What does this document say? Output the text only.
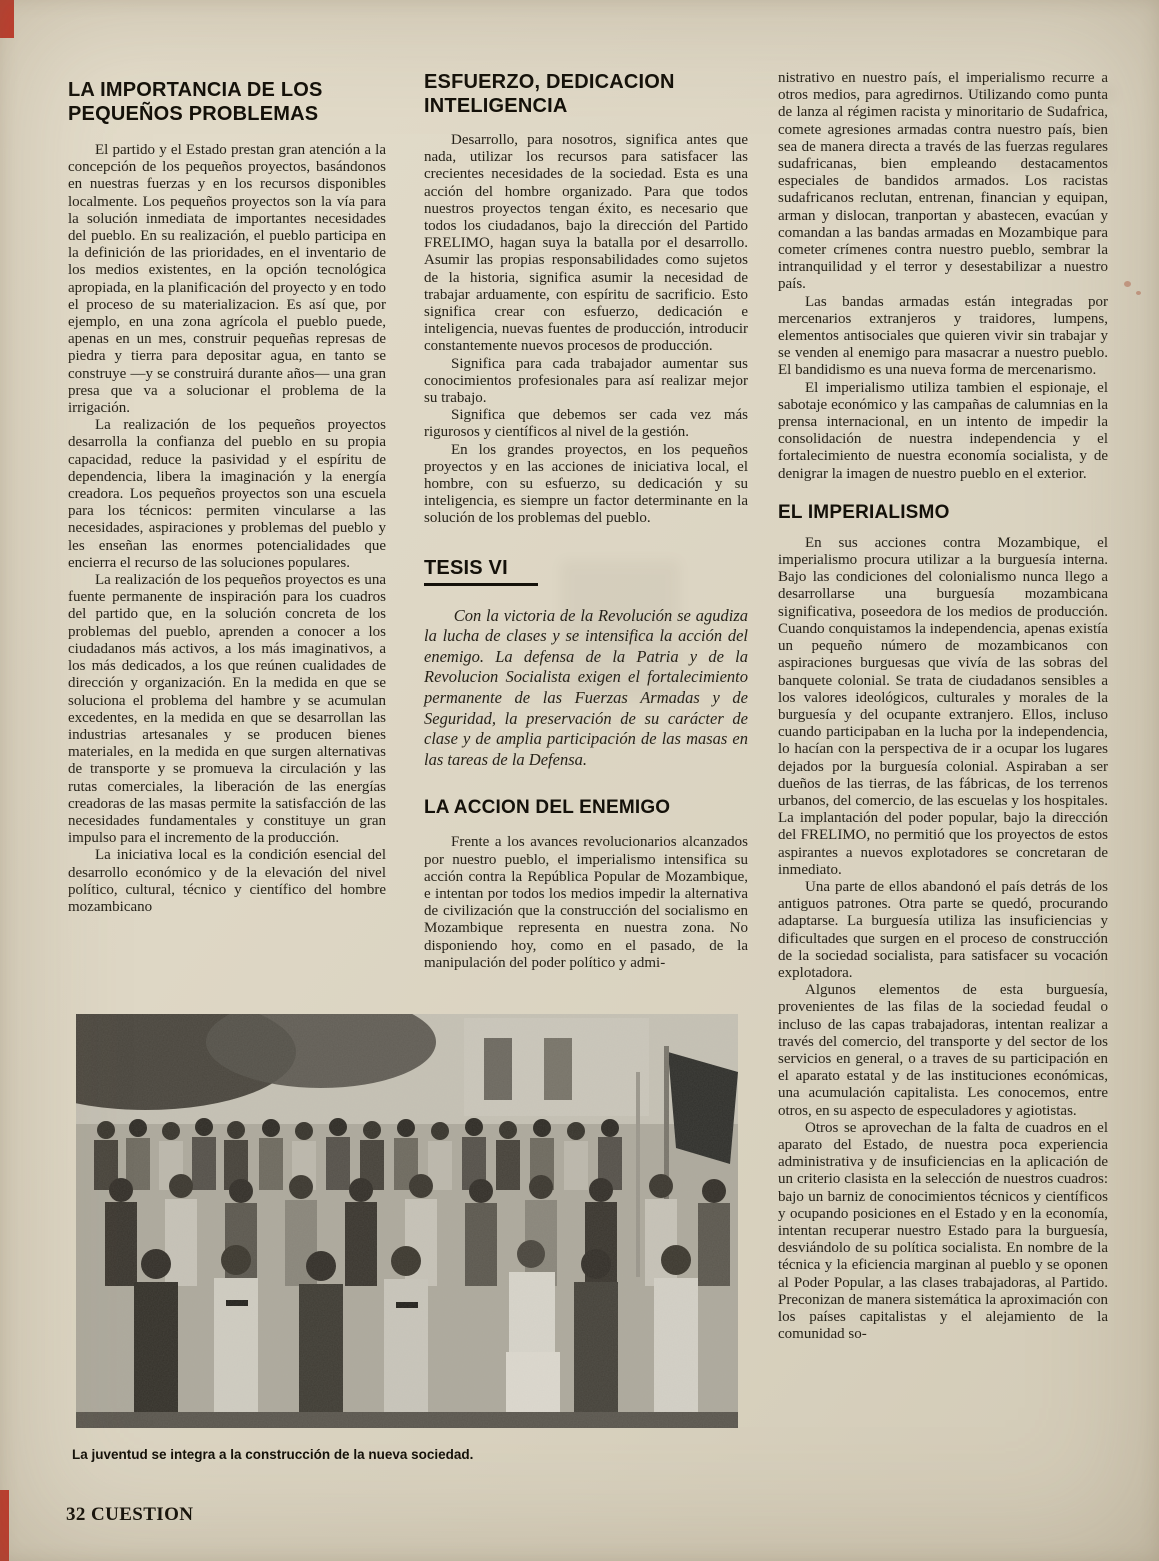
LA IMPORTANCIA DE LOS PEQUEÑOS PROBLEMAS

El partido y el Estado prestan gran atención a la concepción de los pequeños proyectos, basándonos en nuestras fuerzas y en los recursos disponibles localmente. Los pequeños proyectos son la vía para la solución inmediata de importantes necesidades del pueblo. En su realización, el pueblo participa en la definición de las prioridades, en el inventario de los medios existentes, en la opción tecnológica apropiada, en la planificación del proyecto y en todo el proceso de su materializacion. Es así que, por ejemplo, en una zona agrícola el pueblo puede, apenas en un mes, construir pequeñas represas de piedra y tierra para depositar agua, en tanto se construye —y se construirá durante años— una gran presa que va a solucionar el problema de la irrigación.

La realización de los pequeños proyectos desarrolla la confianza del pueblo en su propia capacidad, reduce la pasividad y el espíritu de dependencia, libera la imaginación y la energía creadora. Los pequeños proyectos son una escuela para los técnicos: permiten vincularse a las necesidades, aspiraciones y problemas del pueblo y les enseñan las enormes potencialidades que encierra el recurso de las soluciones populares.

La realización de los pequeños proyectos es una fuente permanente de inspiración para los cuadros del partido que, en la solución concreta de los problemas del pueblo, aprenden a conocer a los ciudadanos más activos, a los más imaginativos, a los más dedicados, a los que reúnen cualidades de dirección y organización. En la medida en que se soluciona el problema del hambre y se acumulan excedentes, en la medida en que se desarrollan las industrias artesanales y se producen bienes materiales, en la medida en que surgen alternativas de transporte y se promueva la circulación y las rutas comerciales, la liberación de las energías creadoras de las masas permite la satisfacción de las necesidades fundamentales y constituye un gran impulso para el incremento de la producción.

La iniciativa local es la condición esencial del desarrollo económico y de la elevación del nivel político, cultural, técnico y científico del hombre mozambicano

ESFUERZO, DEDICACION INTELIGENCIA

Desarrollo, para nosotros, significa antes que nada, utilizar los recursos para satisfacer las crecientes necesidades de la sociedad. Esta es una acción del hombre organizado. Para que todos nuestros proyectos tengan éxito, es necesario que todos los ciudadanos, bajo la dirección del Partido FRELIMO, hagan suya la batalla por el desarrollo. Asumir las propias responsabilidades como sujetos de la historia, significa asumir la necesidad de trabajar arduamente, con espíritu de sacrificio. Esto significa crear con esfuerzo, dedicación e inteligencia, nuevas fuentes de producción, introducir constantemente nuevos procesos de producción.

Significa para cada trabajador aumentar sus conocimientos profesionales para así realizar mejor su trabajo.

Significa que debemos ser cada vez más rigurosos y científicos al nivel de la gestión.

En los grandes proyectos, en los pequeños proyectos y en las acciones de iniciativa local, el hombre, con su esfuerzo, su dedicación y su inteligencia, es siempre un factor determinante en la solución de los problemas del pueblo.

TESIS VI

Con la victoria de la Revolución se agudiza la lucha de clases y se intensifica la acción del enemigo. La defensa de la Patria y de la Revolucion Socialista exigen el fortalecimiento permanente de las Fuerzas Armadas y de Seguridad, la preservación de su carácter de clase y de amplia participación de las masas en las tareas de la Defensa.

LA ACCION DEL ENEMIGO

Frente a los avances revolucionarios alcanzados por nuestro pueblo, el imperialismo intensifica su acción contra la República Popular de Mozambique, e intentan por todos los medios impedir la alternativa de civilización que la construcción del socialismo en Mozambique representa en nuestra zona. No disponiendo hoy, como en el pasado, de la manipulación del poder político y admi-

nistrativo en nuestro país, el imperialismo recurre a otros medios, para agredirnos. Utilizando como punta de lanza al régimen racista y minoritario de Sudafrica, comete agresiones armadas contra nuestro país, bien sea de manera directa a través de las fuerzas regulares sudafricanas, bien empleando destacamentos especiales de bandidos armados. Los racistas sudafricanos reclutan, entrenan, financian y equipan, arman y dislocan, tranportan y abastecen, evacúan y comandan a las bandas armadas en Mozambique para cometer crímenes contra nuestro pueblo, sembrar la intranquilidad y el terror y desestabilizar a nuestro país.

Las bandas armadas están integradas por mercenarios extranjeros y traidores, lumpens, elementos antisociales que quieren vivir sin trabajar y se venden al enemigo para masacrar a nuestro pueblo. El bandidismo es una nueva forma de mercenarismo.

El imperialismo utiliza tambien el espionaje, el sabotaje económico y las campañas de calumnias en la prensa internacional, en un intento de impedir la consolidación de nuestra independencia y el fortalecimiento de nuestra economía socialista, y de denigrar la imagen de nuestro pueblo en el exterior.

EL IMPERIALISMO

En sus acciones contra Mozambique, el imperialismo procura utilizar a la burguesía interna. Bajo las condiciones del colonialismo nunca llego a desarrollarse una burguesía mozambicana significativa, poseedora de los medios de producción. Cuando conquistamos la independencia, apenas existía un pequeño número de mozambicanos con aspiraciones burguesas que vivía de las sobras del banquete colonial. Se trata de ciudadanos sensibles a los valores ideológicos, culturales y morales de la burguesía y del ocupante extranjero. Ellos, incluso cuando participaban en la lucha por la independencia, lo hacían con la perspectiva de ir a ocupar los lugares dejados por la burguesía colonial. Aspiraban a ser dueños de las tierras, de las fábricas, de los terrenos urbanos, del comercio, de las escuelas y los hospitales. La implantación del poder popular, bajo la dirección del FRELIMO, no permitió que los proyectos de estos aspirantes a nuevos explotadores se concretaran de inmediato.

Una parte de ellos abandonó el país detrás de los antiguos patrones. Otra parte se quedó, procurando adaptarse. La burguesía utiliza las insuficiencias y dificultades que surgen en el proceso de construcción de la sociedad socialista, para satisfacer su vocación explotadora.

Algunos elementos de esta burguesía, provenientes de las filas de la sociedad feudal o incluso de las capas trabajadoras, intentan realizar a través del comercio, del transporte y del sector de los servicios en general, o a traves de su participación en el aparato estatal y de las instituciones económicas, una acumulación capitalista. Les conocemos, entre otros, en su aspecto de especuladores y agiotistas.

Otros se aprovechan de la falta de cuadros en el aparato del Estado, de nuestra poca experiencia administrativa y de insuficiencias en la aplicación de un criterio clasista en la selección de nuestros cuadros: bajo un barniz de conocimientos técnicos y científicos y ocupando posiciones en el Estado y en la economía, intentan recuperar nuestro Estado para la burguesía, desviándolo de su política socialista. En nombre de la técnica y la eficiencia marginan al pueblo y se oponen al Poder Popular, a las clases trabajadoras, al Partido. Preconizan de manera sistemática la aproximación con los países capitalistas y el alejamiento de la comunidad so-

La juventud se integra a la construcción de la nueva sociedad.
32 CUESTION
